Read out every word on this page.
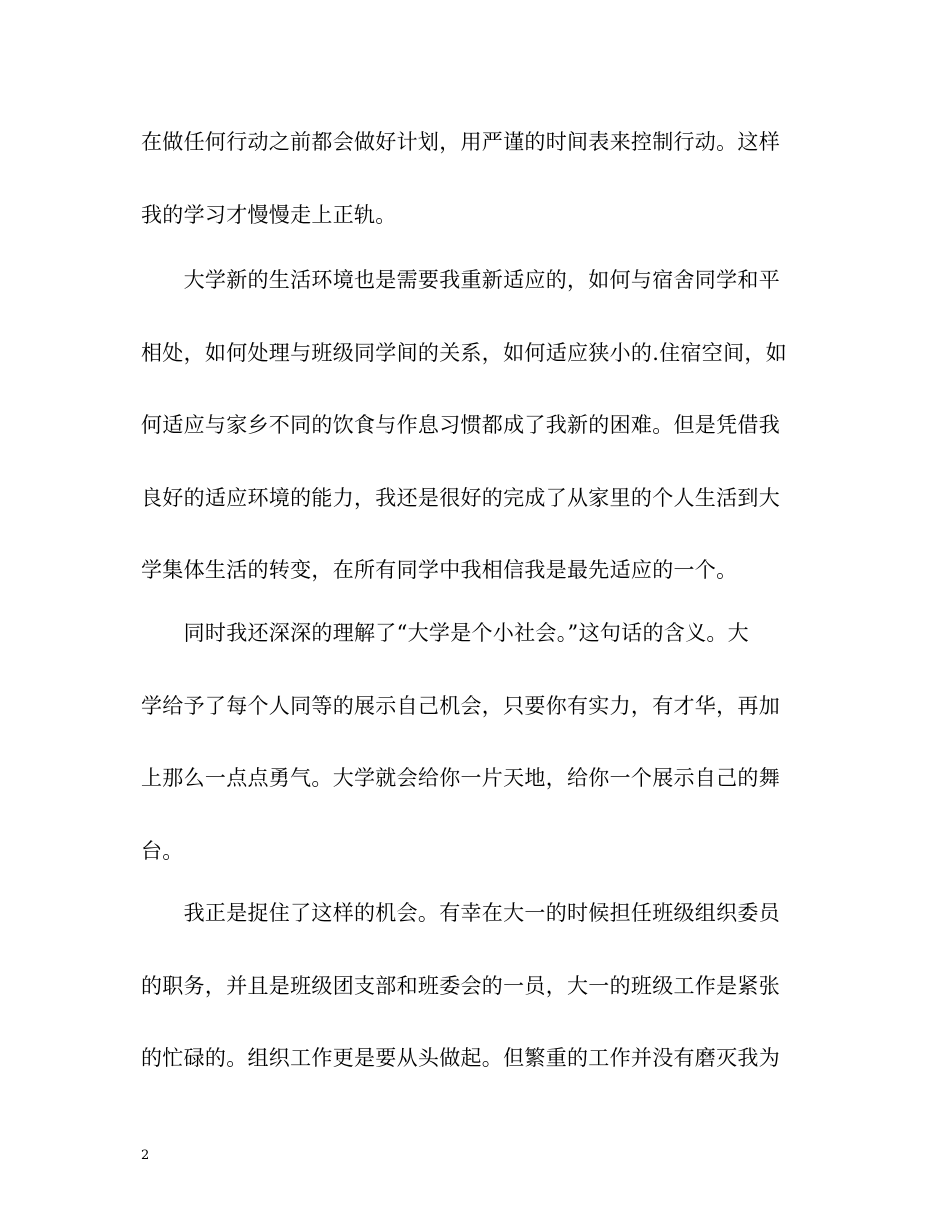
在做任何行动之前都会做好计划，用严谨的时间表来控制行动。这样
我的学习才慢慢走上正轨。
　　大学新的生活环境也是需要我重新适应的，如何与宿舍同学和平
相处，如何处理与班级同学间的关系，如何适应狭小的.住宿空间，如
何适应与家乡不同的饮食与作息习惯都成了我新的困难。但是凭借我
良好的适应环境的能力，我还是很好的完成了从家里的个人生活到大
学集体生活的转变，在所有同学中我相信我是最先适应的一个。
　　同时我还深深的理解了“大学是个小社会。”这句话的含义。大
学给予了每个人同等的展示自己机会，只要你有实力，有才华，再加
上那么一点点勇气。大学就会给你一片天地，给你一个展示自己的舞
台。
　　我正是捉住了这样的机会。有幸在大一的时候担任班级组织委员
的职务，并且是班级团支部和班委会的一员，大一的班级工作是紧张
的忙碌的。组织工作更是要从头做起。但繁重的工作并没有磨灭我为
2
